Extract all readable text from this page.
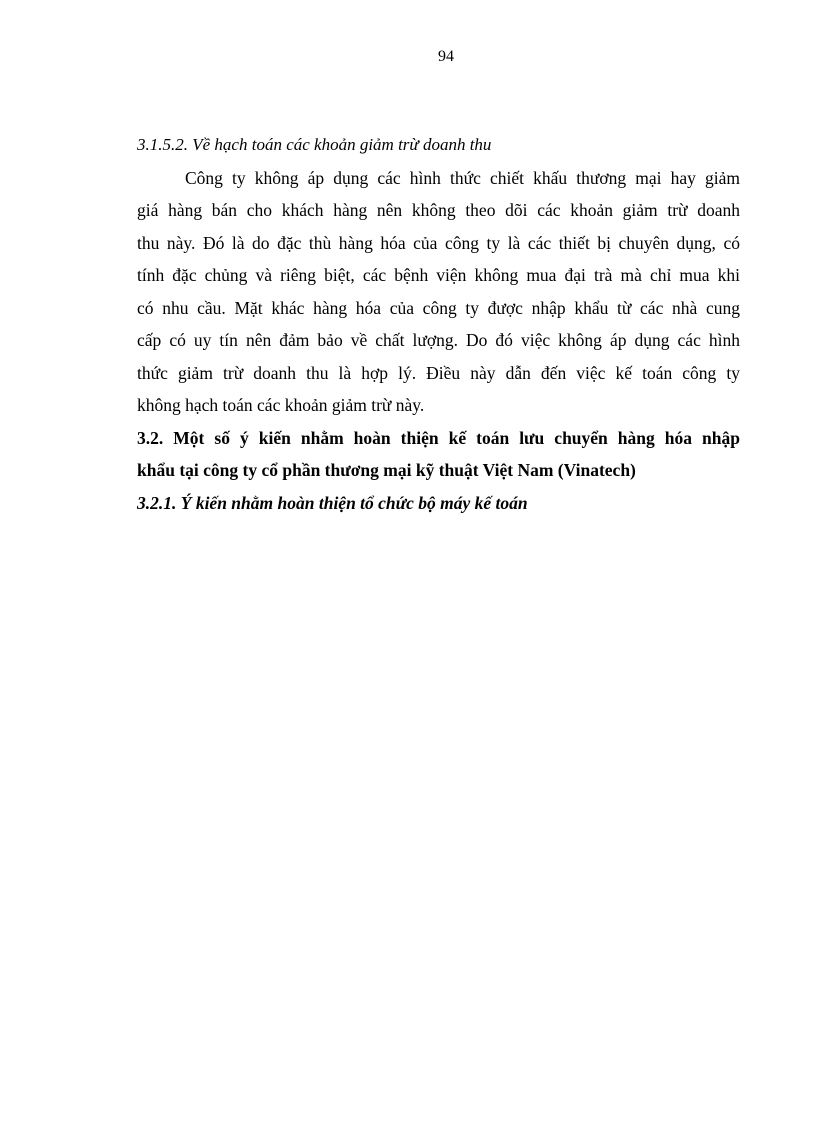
94
3.1.5.2. Về hạch toán các khoản giảm trừ doanh thu
Công ty không áp dụng các hình thức chiết khấu thương mại hay giảm
giá hàng bán cho khách hàng nên không theo dõi các khoản giảm trừ doanh
thu này. Đó là do đặc thù hàng hóa của công ty là các thiết bị chuyên dụng, có
tính đặc chủng và riêng biệt, các bệnh viện không mua đại trà mà chỉ mua khi
có nhu cầu. Mặt khác hàng hóa của công ty được nhập khẩu từ các nhà cung
cấp có uy tín nên đảm bảo về chất lượng. Do đó việc không áp dụng các hình
thức giảm trừ doanh thu là hợp lý. Điều này dẫn đến việc kế toán công ty
không hạch toán các khoản giảm trừ này.
3.2. Một số ý kiến nhằm hoàn thiện kế toán lưu chuyển hàng hóa nhập
khẩu tại công ty cổ phần thương mại kỹ thuật Việt Nam (Vinatech)
3.2.1. Ý kiến nhằm hoàn thiện tổ chức bộ máy kế toán
